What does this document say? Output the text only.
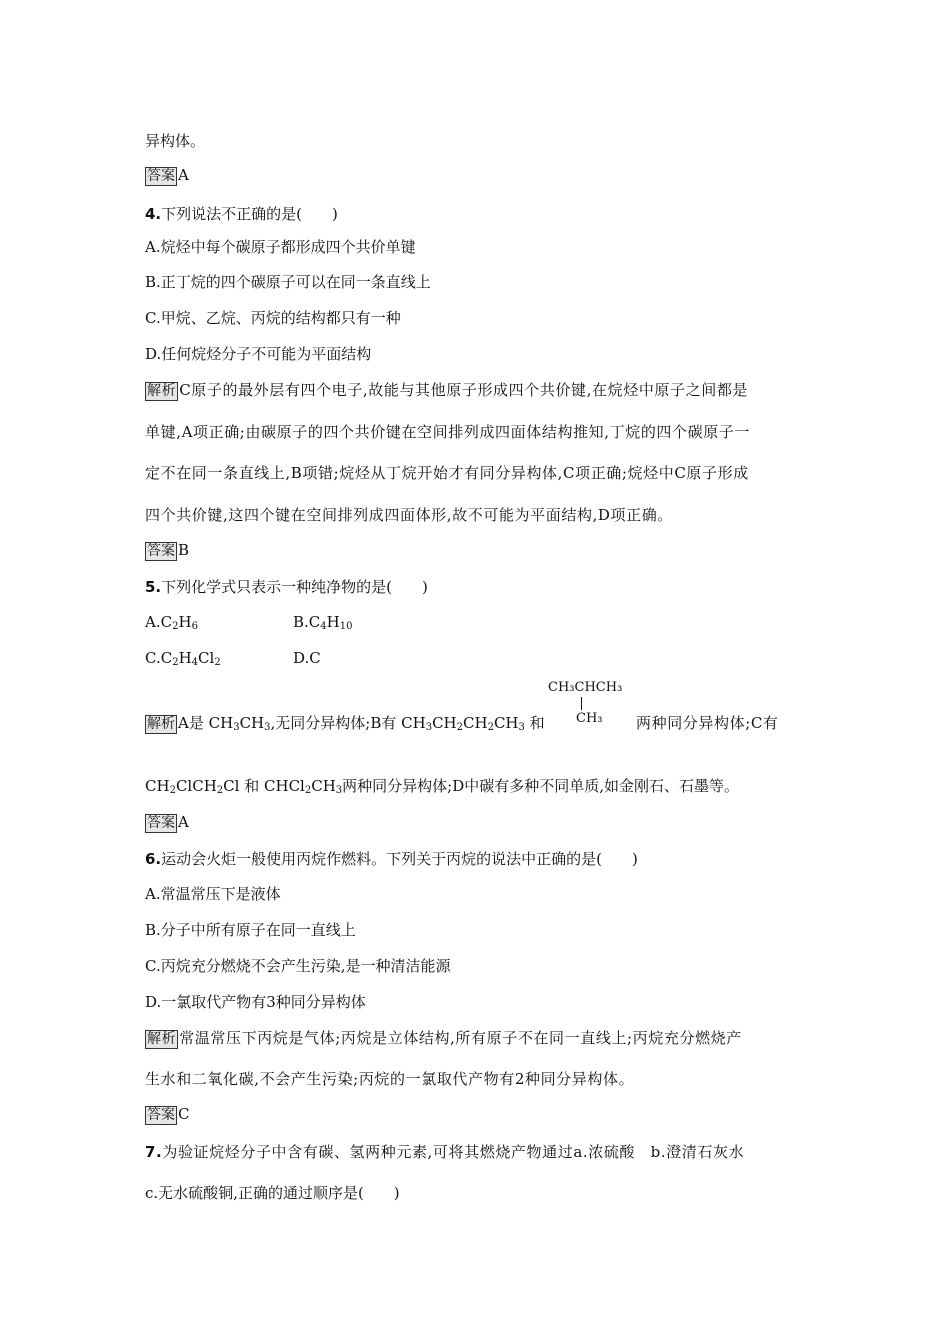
异构体。
答案 A
4.下列说法不正确的是(　　)
A.烷烃中每个碳原子都形成四个共价单键
B.正丁烷的四个碳原子可以在同一条直线上
C.甲烷、乙烷、丙烷的结构都只有一种
D.任何烷烃分子不可能为平面结构
解析 C原子的最外层有四个电子,故能与其他原子形成四个共价键,在烷烃中原子之间都是
单键,A项正确;由碳原子的四个共价键在空间排列成四面体结构推知,丁烷的四个碳原子一
定不在同一条直线上,B项错;烷烃从丁烷开始才有同分异构体,C项正确;烷烃中C原子形成
四个共价键,这四个键在空间排列成四面体形,故不可能为平面结构,D项正确。
答案 B
5.下列化学式只表示一种纯净物的是(　　)
$A.C_2H_6$	$B.C_4H_{10}$
$C.C_2H_4Cl_2$	D.C
CH₃CHCH₃
CH₃
解析 A是 $CH_3CH_3$,无同分异构体;B有 $CH_3CH_2CH_2CH_3$ 和	两种同分异构体;C有
$CH_2ClCH_2Cl$ 和 $CHCl_2CH_3$两种同分异构体;D中碳有多种不同单质,如金刚石、石墨等。
答案 A
6.运动会火炬一般使用丙烷作燃料。下列关于丙烷的说法中正确的是(　　)
A.常温常压下是液体
B.分子中所有原子在同一直线上
C.丙烷充分燃烧不会产生污染,是一种清洁能源
D.一氯取代产物有3种同分异构体
解析 常温常压下丙烷是气体;丙烷是立体结构,所有原子不在同一直线上;丙烷充分燃烧产
生水和二氧化碳,不会产生污染;丙烷的一氯取代产物有2种同分异构体。
答案 C
7.为验证烷烃分子中含有碳、氢两种元素,可将其燃烧产物通过a.浓硫酸　b.澄清石灰水
c.无水硫酸铜,正确的通过顺序是(　　)
